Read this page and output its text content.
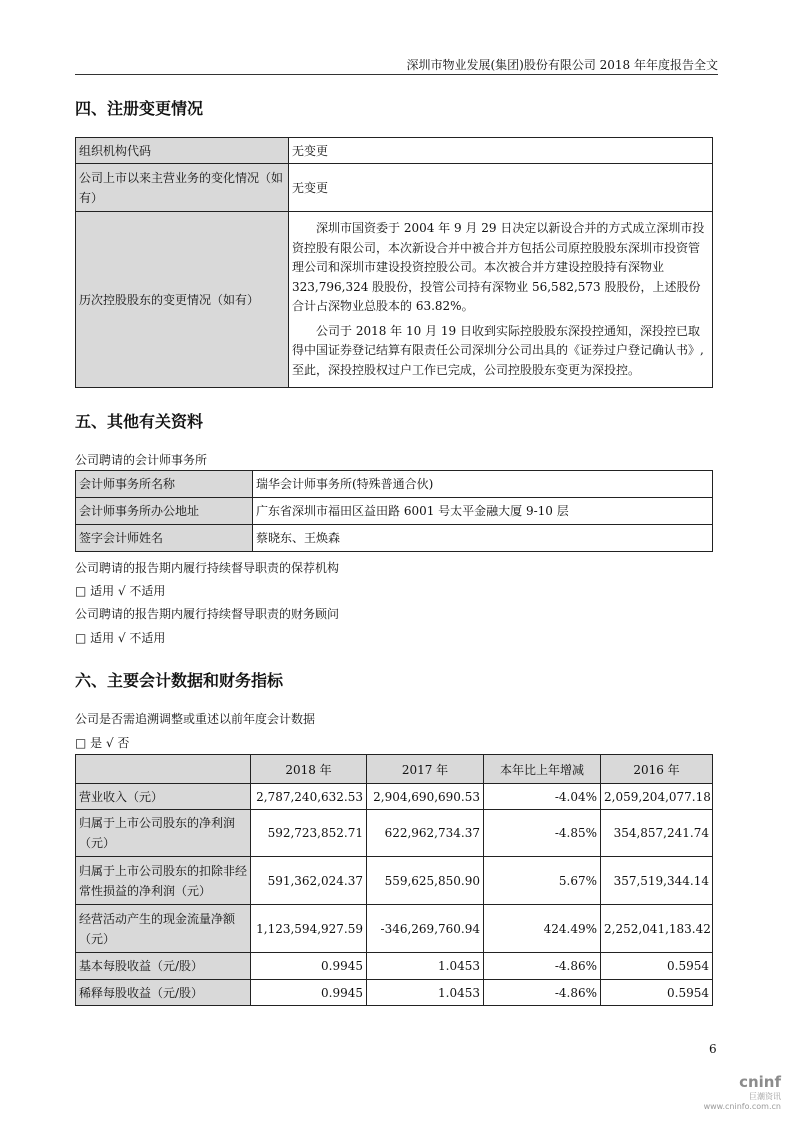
深圳市物业发展(集团)股份有限公司 2018 年年度报告全文
四、注册变更情况
组织机构代码	无变更
公司上市以来主营业务的变化情况（如有）	无变更
历次控股股东的变更情况（如有）	深圳市国资委于 2004 年 9 月 29 日决定以新设合并的方式成立深圳市投资控股有限公司，本次新设合并中被合并方包括公司原控股股东深圳市投资管理公司和深圳市建设投资控股公司。本次被合并方建设控股持有深物业 323,796,324 股股份，投管公司持有深物业 56,582,573 股股份，上述股份合计占深物业总股本的 63.82%。

公司于 2018 年 10 月 19 日收到实际控股股东深投控通知，深投控已取得中国证券登记结算有限责任公司深圳分公司出具的《证券过户登记确认书》,至此，深投控股权过户工作已完成，公司控股股东变更为深投控。

五、其他有关资料
公司聘请的会计师事务所
会计师事务所名称	瑞华会计师事务所(特殊普通合伙)
会计师事务所办公地址	广东省深圳市福田区益田路 6001 号太平金融大厦 9-10 层
签字会计师姓名	蔡晓东、王焕森
公司聘请的报告期内履行持续督导职责的保荐机构
□ 适用 √ 不适用
公司聘请的报告期内履行持续督导职责的财务顾问
□ 适用 √ 不适用
六、主要会计数据和财务指标
公司是否需追溯调整或重述以前年度会计数据
□ 是 √ 否
	2018 年	2017 年	本年比上年增减	2016 年
营业收入（元）	2,787,240,632.53	2,904,690,690.53	-4.04%	2,059,204,077.18
归属于上市公司股东的净利润（元）	592,723,852.71	622,962,734.37	-4.85%	354,857,241.74
归属于上市公司股东的扣除非经常性损益的净利润（元）	591,362,024.37	559,625,850.90	5.67%	357,519,344.14
经营活动产生的现金流量净额（元）	1,123,594,927.59	-346,269,760.94	424.49%	2,252,041,183.42
基本每股收益（元/股）	0.9945	1.0453	-4.86%	0.5954
稀释每股收益（元/股）	0.9945	1.0453	-4.86%	0.5954
6
cninf
巨潮资讯
www.cninfo.com.cn
